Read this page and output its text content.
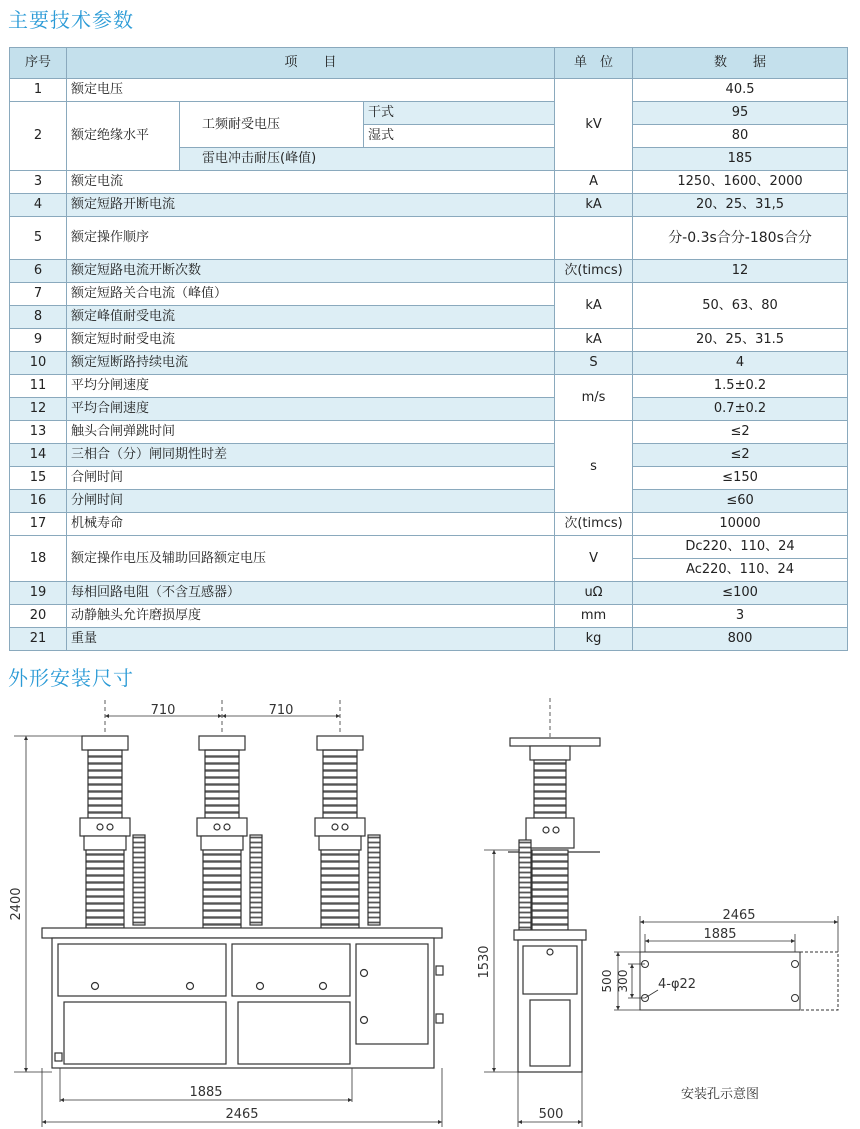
主要技术参数
序号	项　　目			单　位	数　　据
1	额定电压			kV	40.5
2	额定绝缘水平	工频耐受电压	干式		95
			湿式		80
		雷电冲击耐压(峰值)			185
3	额定电流			A	1250、1600、2000
4	额定短路开断电流			kA	20、25、31,5
5	额定操作顺序				分-0.3s合分-180s合分
6	额定短路电流开断次数			次(timcs)	12
7	额定短路关合电流（峰值）			kA	50、63、80
8	额定峰值耐受电流				
9	额定短时耐受电流			kA	20、25、31.5
10	额定短断路持续电流			S	4
11	平均分闸速度			m/s	1.5±0.2
12	平均合闸速度				0.7±0.2
13	触头合闸弹跳时间			s	≤2
14	三相合（分）闸同期性时差				≤2
15	合闸时间				≤150
16	分闸时间				≤60
17	机械寿命			次(timcs)	10000
18	额定操作电压及辅助回路额定电压			V	Dc220、110、24
					Ac220、110、24
19	每相回路电阻（不含互感器）			uΩ	≤100
20	动静触头允许磨损厚度			mm	3
21	重量			kg	800
外形安装尺寸
710	710
2400
1885
2465
1530
500
2465
1885
500 300 4-φ22
安装孔示意图
